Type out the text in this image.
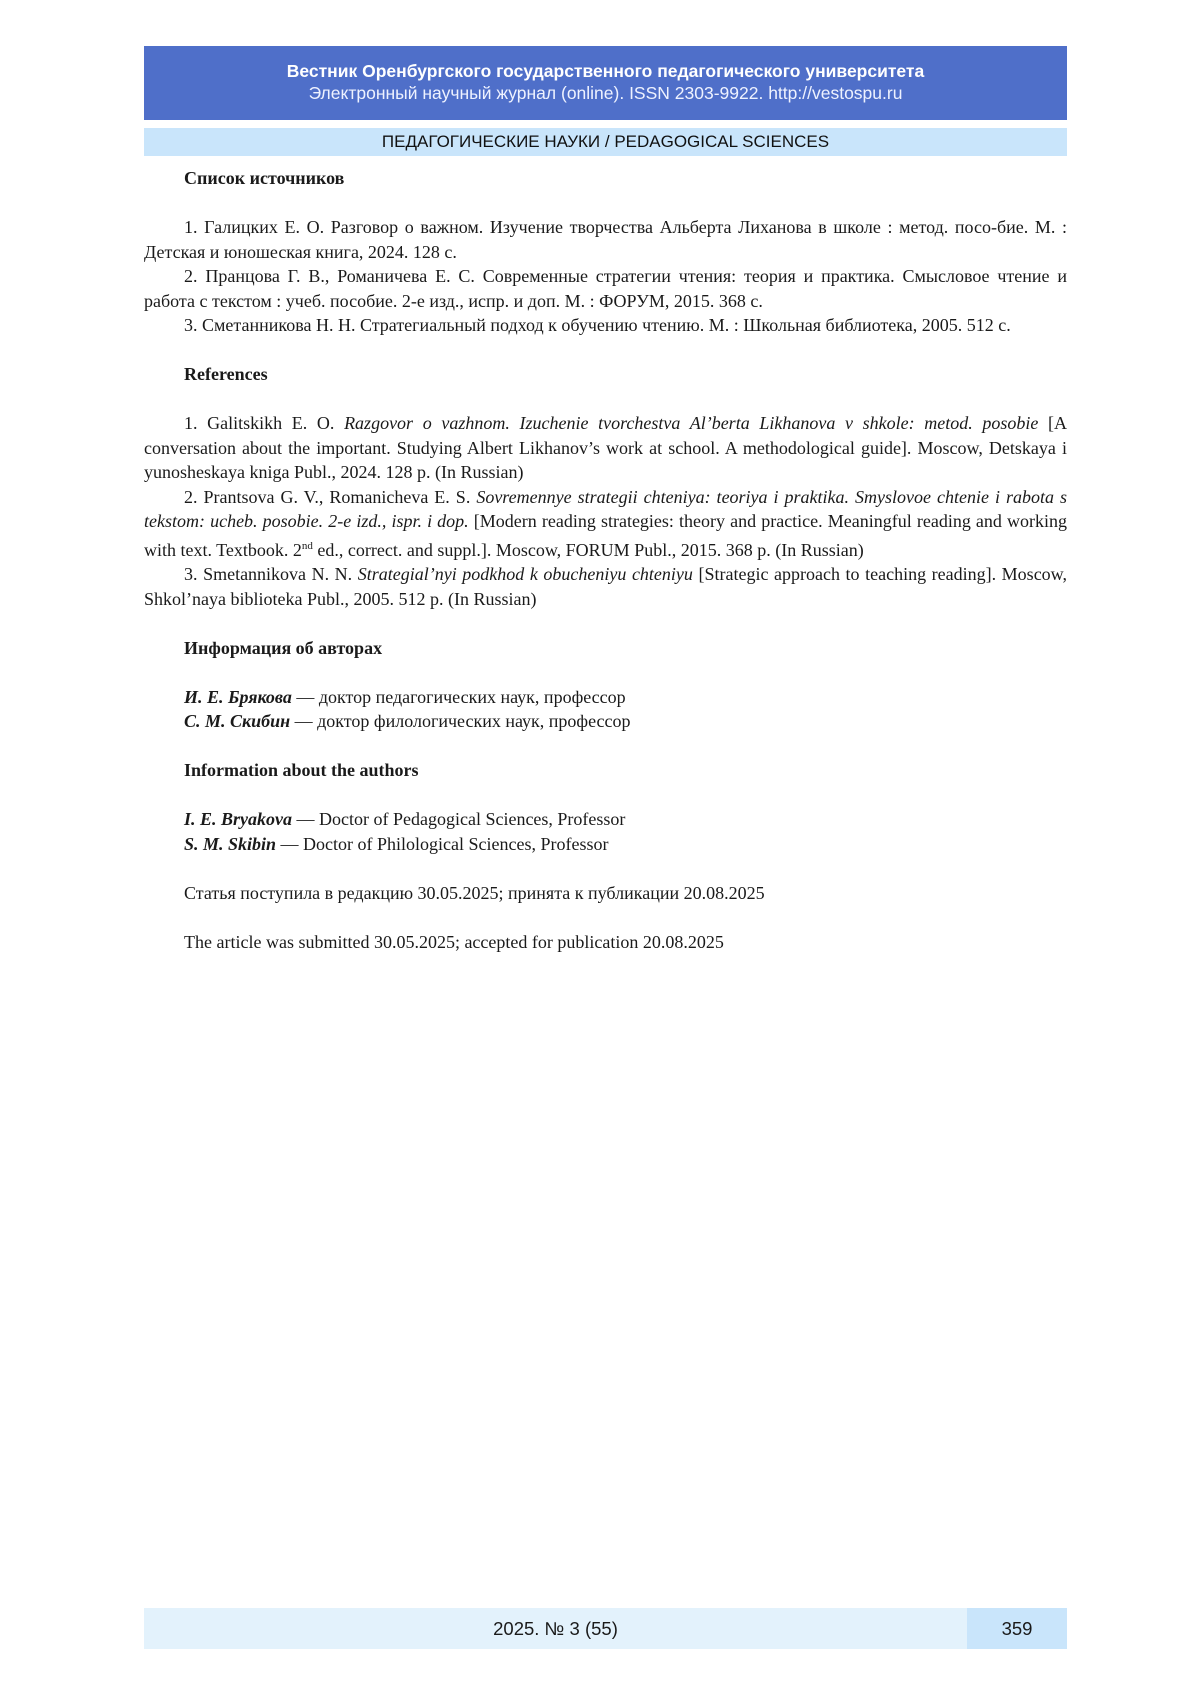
Вестник Оренбургского государственного педагогического университета
Электронный научный журнал (online). ISSN 2303-9922. http://vestospu.ru
ПЕДАГОГИЧЕСКИЕ НАУКИ / PEDAGOGICAL SCIENCES

Список источников

1. Галицких Е. О. Разговор о важном. Изучение творчества Альберта Лиханова в школе : метод. посо-бие. М. : Детская и юношеская книга, 2024. 128 с.

2. Пранцова Г. В., Романичева Е. С. Современные стратегии чтения: теория и практика. Смысловое чтение и работа с текстом : учеб. пособие. 2-е изд., испр. и доп. М. : ФОРУМ, 2015. 368 с.

3. Сметанникова Н. Н. Стратегиальный подход к обучению чтению. М. : Школьная библиотека, 2005. 512 с.

References

1. Galitskikh E. O. Razgovor o vazhnom. Izuchenie tvorchestva Al’berta Likhanova v shkole: metod. posobie [A conversation about the important. Studying Albert Likhanov’s work at school. A methodological guide]. Moscow, Detskaya i yunosheskaya kniga Publ., 2024. 128 p. (In Russian)

2. Prantsova G. V., Romanicheva E. S. Sovremennye strategii chteniya: teoriya i praktika. Smyslovoe chtenie i rabota s tekstom: ucheb. posobie. 2-e izd., ispr. i dop. [Modern reading strategies: theory and practice. Meaningful reading and working with text. Textbook. 2nd ed., correct. and suppl.]. Moscow, FORUM Publ., 2015. 368 p. (In Russian)

3. Smetannikova N. N. Strategial’nyi podkhod k obucheniyu chteniyu [Strategic approach to teaching reading]. Moscow, Shkol’naya biblioteka Publ., 2005. 512 p. (In Russian)

Информация об авторах

И. Е. Брякова — доктор педагогических наук, профессор

С. М. Скибин — доктор филологических наук, профессор

Information about the authors

I. E. Bryakova — Doctor of Pedagogical Sciences, Professor

S. M. Skibin — Doctor of Philological Sciences, Professor

Статья поступила в редакцию 30.05.2025; принята к публикации 20.08.2025

The article was submitted 30.05.2025; accepted for publication 20.08.2025

2025. № 3 (55)	359
